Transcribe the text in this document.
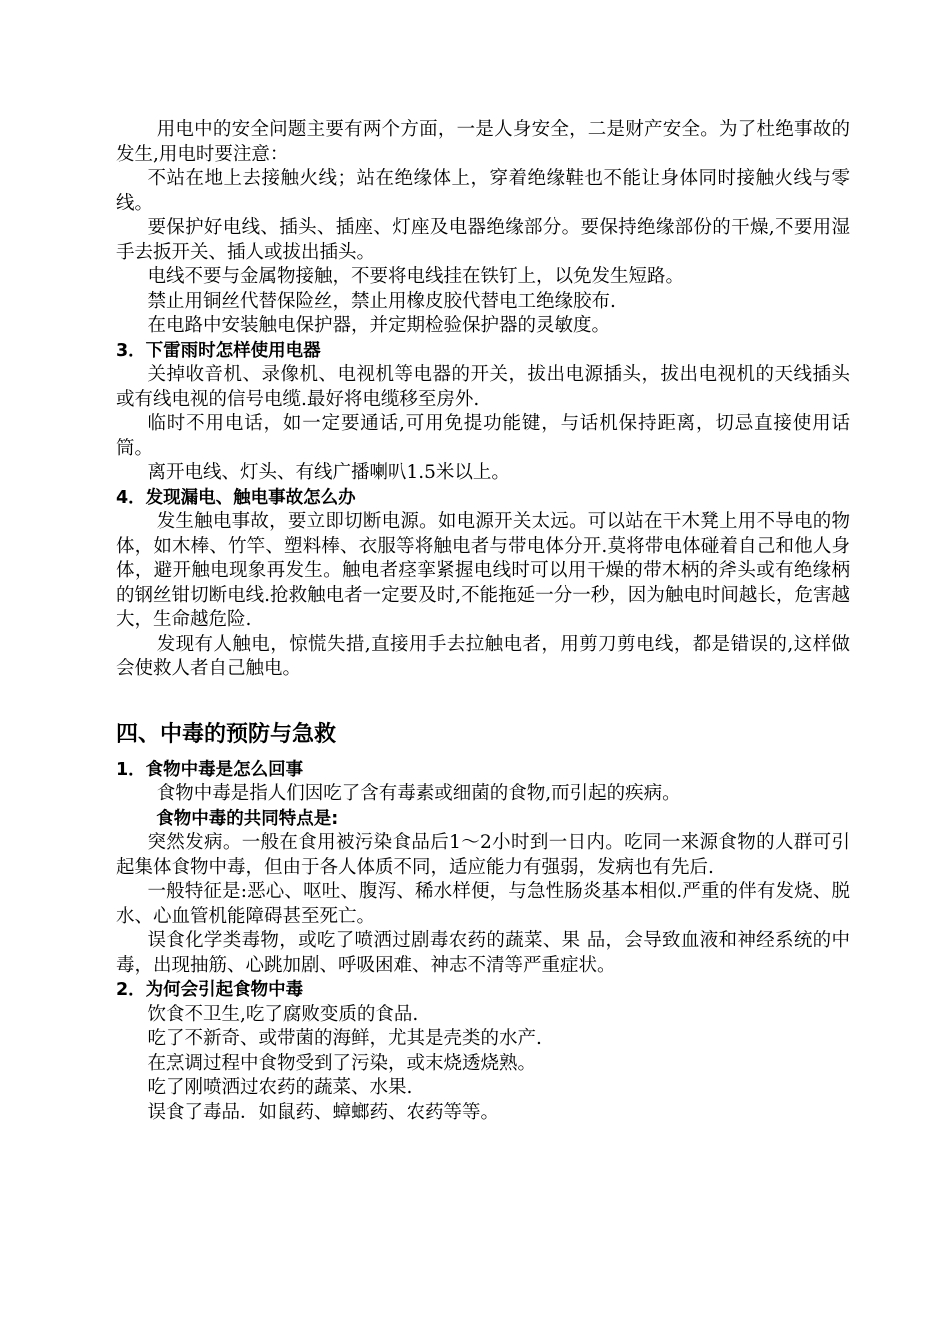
用电中的安全问题主要有两个方面，一是人身安全，二是财产安全。为了杜绝事故的发生,用电时要注意：

不站在地上去接触火线；站在绝缘体上，穿着绝缘鞋也不能让身体同时接触火线与零线。

要保护好电线、插头、插座、灯座及电器绝缘部分。要保持绝缘部份的干燥,不要用湿手去扳开关、插人或拔出插头。

电线不要与金属物接触，不要将电线挂在铁钉上，以免发生短路。

禁止用铜丝代替保险丝，禁止用橡皮胶代替电工绝缘胶布.

在电路中安装触电保护器，并定期检验保护器的灵敏度。

3．下雷雨时怎样使用电器

关掉收音机、录像机、电视机等电器的开关，拔出电源插头，拔出电视机的天线插头或有线电视的信号电缆.最好将电缆移至房外.

临时不用电话，如一定要通话,可用免提功能键，与话机保持距离，切忌直接使用话筒。

离开电线、灯头、有线广播喇叭1.5米以上。

4．发现漏电、触电事故怎么办

发生触电事故，要立即切断电源。如电源开关太远。可以站在干木凳上用不导电的物体，如木棒、竹竿、塑料棒、衣服等将触电者与带电体分开.莫将带电体碰着自己和他人身体，避开触电现象再发生。触电者痉挛紧握电线时可以用干燥的带木柄的斧头或有绝缘柄的钢丝钳切断电线.抢救触电者一定要及时,不能拖延一分一秒，因为触电时间越长，危害越大，生命越危险.

发现有人触电，惊慌失措,直接用手去拉触电者，用剪刀剪电线，都是错误的,这样做会使救人者自己触电。

四、中毒的预防与急救

1．食物中毒是怎么回事

食物中毒是指人们因吃了含有毒素或细菌的食物,而引起的疾病。

食物中毒的共同特点是:

突然发病。一般在食用被污染食品后1～2小时到一日内。吃同一来源食物的人群可引起集体食物中毒，但由于各人体质不同，适应能力有强弱，发病也有先后.

一般特征是:恶心、呕吐、腹泻、稀水样便，与急性肠炎基本相似.严重的伴有发烧、脱水、心血管机能障碍甚至死亡。

误食化学类毒物，或吃了喷洒过剧毒农药的蔬菜、果 品，会导致血液和神经系统的中毒，出现抽筋、心跳加剧、呼吸困难、神志不清等严重症状。

2．为何会引起食物中毒

饮食不卫生,吃了腐败变质的食品.

吃了不新奇、或带菌的海鲜，尤其是壳类的水产.

在烹调过程中食物受到了污染，或末烧透烧熟。

吃了刚喷洒过农药的蔬菜、水果.

误食了毒品．如鼠药、蟑螂药、农药等等。
